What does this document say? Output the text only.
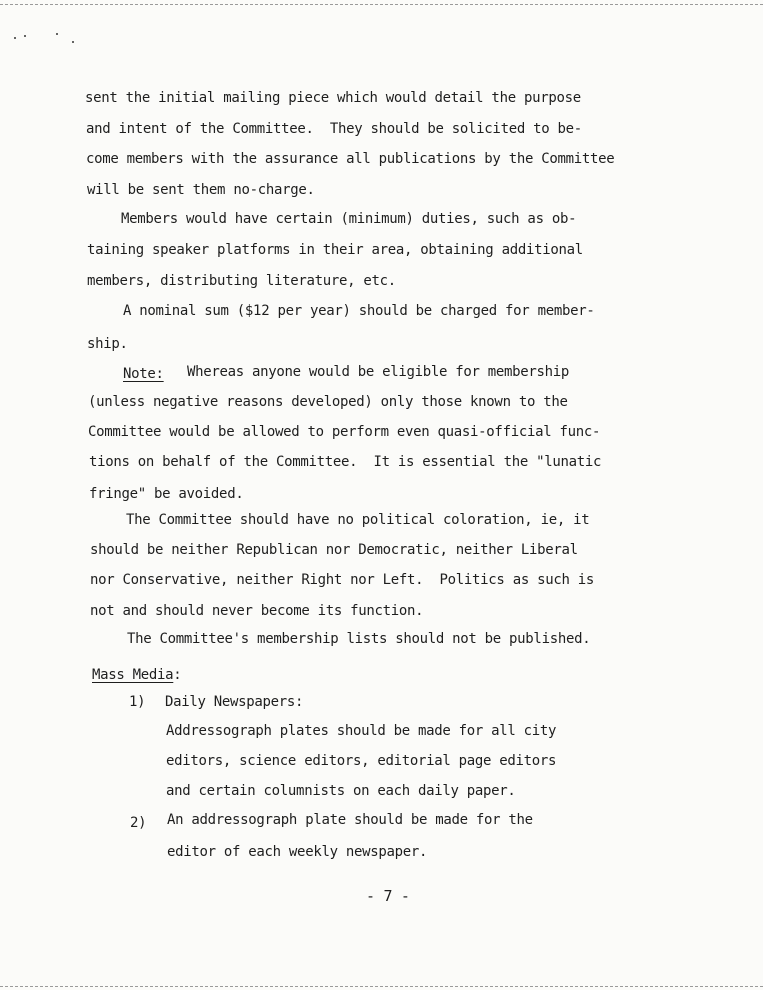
sent the initial mailing piece which would detail the purpose
and intent of the Committee.  They should be solicited to be-
come members with the assurance all publications by the Committee
will be sent them no-charge.
Members would have certain (minimum) duties, such as ob-
taining speaker platforms in their area, obtaining additional
members, distributing literature, etc.
A nominal sum ($12 per year) should be charged for member-
ship.
Note: Whereas anyone would be eligible for membership
(unless negative reasons developed) only those known to the
Committee would be allowed to perform even quasi-official func-
tions on behalf of the Committee.  It is essential the "lunatic
fringe" be avoided.
The Committee should have no political coloration, ie, it
should be neither Republican nor Democratic, neither Liberal
nor Conservative, neither Right nor Left.  Politics as such is
not and should never become its function.
The Committee's membership lists should not be published.
Mass Media:
1) Daily Newspapers:
Addressograph plates should be made for all city
editors, science editors, editorial page editors
and certain columnists on each daily paper.
2) An addressograph plate should be made for the
editor of each weekly newspaper.
- 7 -
